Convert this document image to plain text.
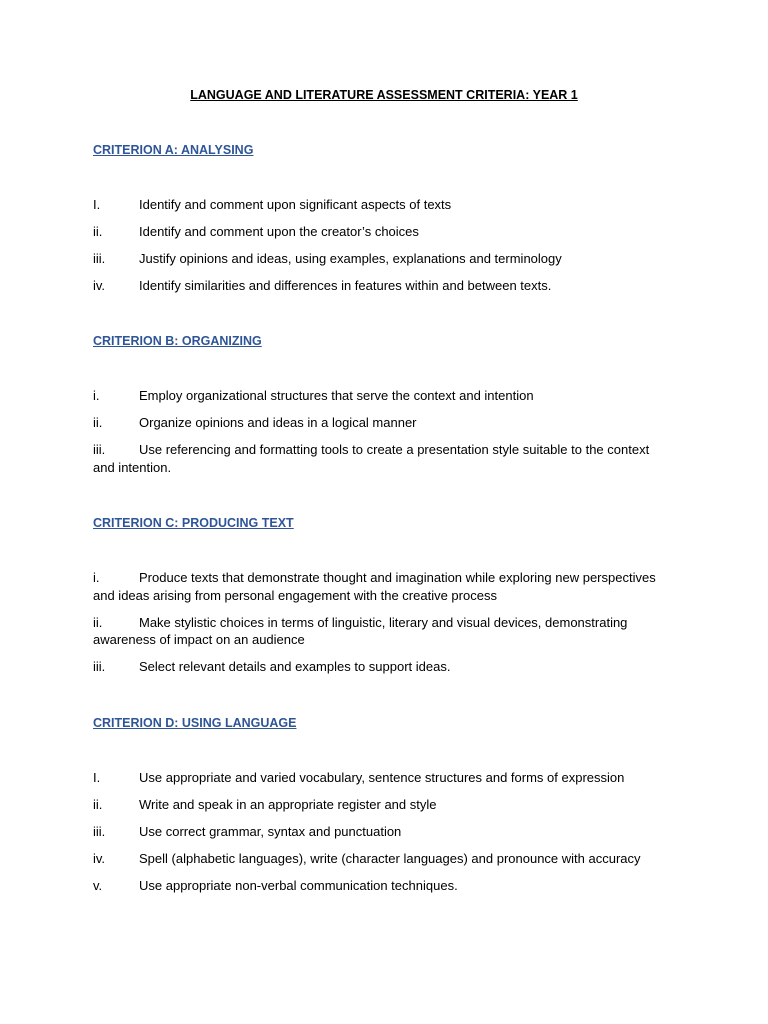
LANGUAGE AND LITERATURE ASSESSMENT CRITERIA: YEAR 1
CRITERION A: ANALYSING
I.	Identify and comment upon significant aspects of texts
ii.	Identify and comment upon the creator’s choices
iii.	Justify opinions and ideas, using examples, explanations and terminology
iv.	Identify similarities and differences in features within and between texts.
CRITERION B: ORGANIZING
i.	Employ organizational structures that serve the context and intention
ii.	Organize opinions and ideas in a logical manner
iii.	Use referencing and formatting tools to create a presentation style suitable to the context and intention.
CRITERION C: PRODUCING TEXT
i.	Produce texts that demonstrate thought and imagination while exploring new perspectives and ideas arising from personal engagement with the creative process
ii.	Make stylistic choices in terms of linguistic, literary and visual devices, demonstrating awareness of impact on an audience
iii.	Select relevant details and examples to support ideas.
CRITERION D: USING LANGUAGE
I.	Use appropriate and varied vocabulary, sentence structures and forms of expression
ii.	Write and speak in an appropriate register and style
iii.	Use correct grammar, syntax and punctuation
iv.	Spell (alphabetic languages), write (character languages) and pronounce with accuracy
v.	Use appropriate non-verbal communication techniques.
